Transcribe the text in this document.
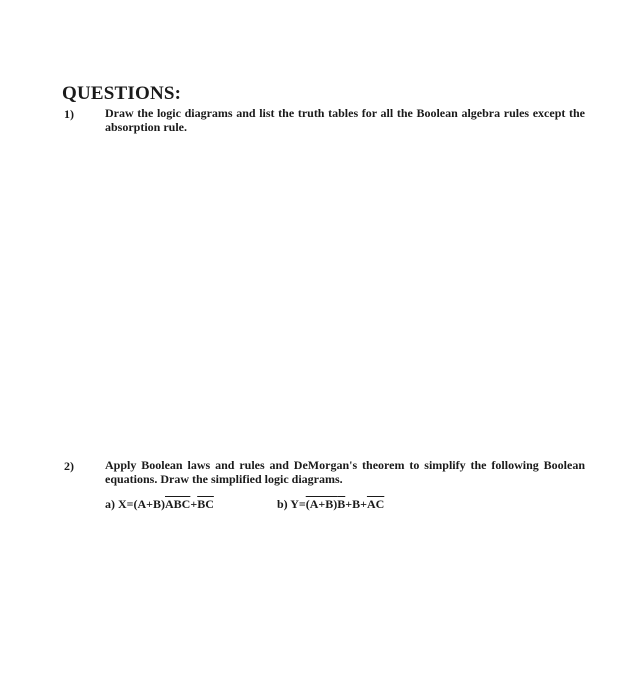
QUESTIONS:
1)	Draw the logic diagrams and list the truth tables for all the Boolean algebra rules except the absorption rule.
2)	Apply Boolean laws and rules and DeMorgan's theorem to simplify the following Boolean equations. Draw the simplified logic diagrams.
a) $X=(A+B)\overline{ABC}+\overline{BC}$	b) $Y=(A+B)\overline{B}+B+\overline{AC}$
